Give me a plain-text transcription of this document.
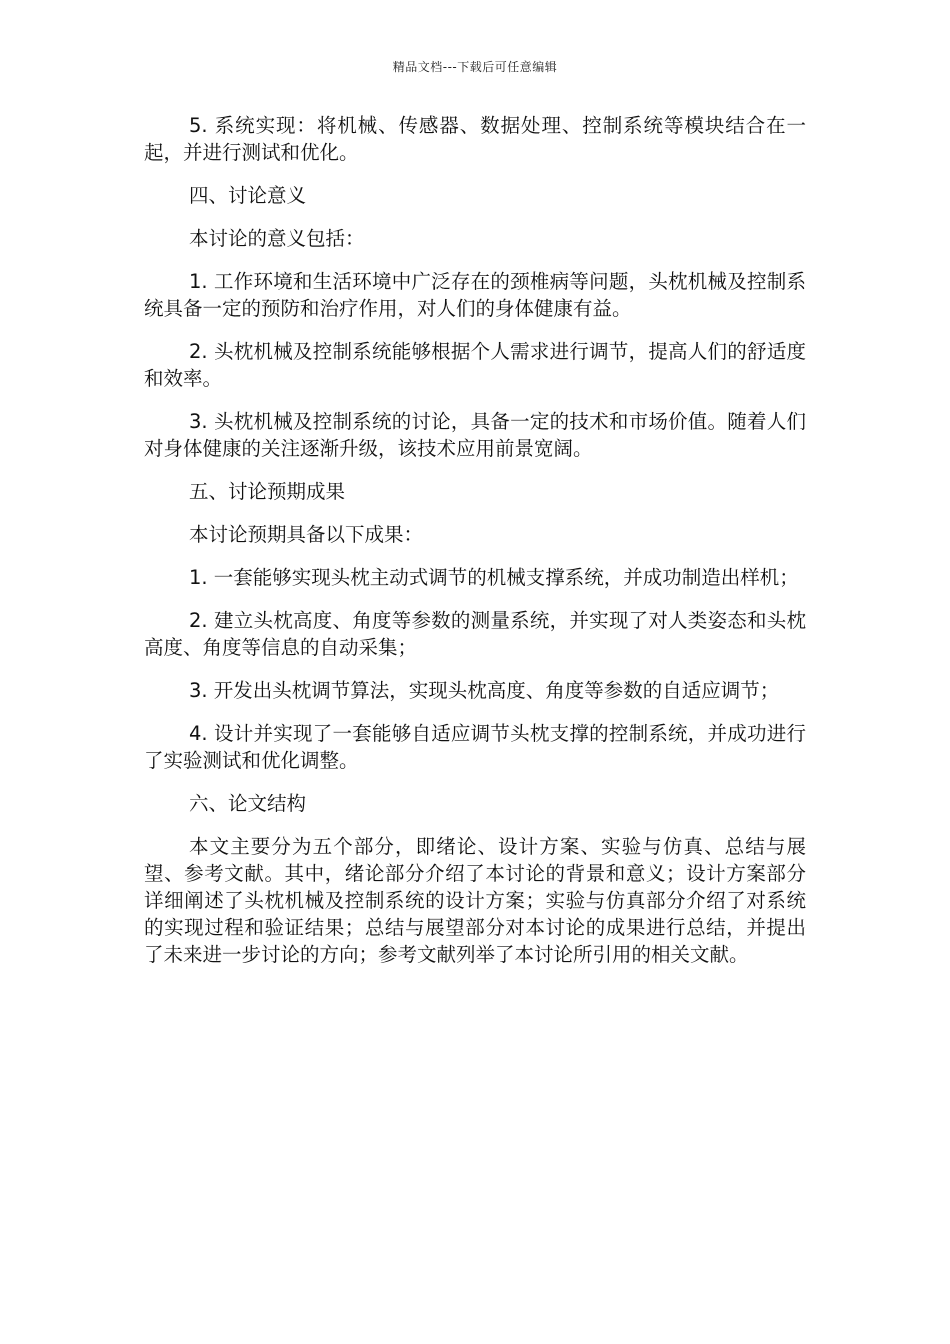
精品文档---下载后可任意编辑

5. 系统实现：将机械、传感器、数据处理、控制系统等模块结合在一起，并进行测试和优化。

四、讨论意义

本讨论的意义包括：

1. 工作环境和生活环境中广泛存在的颈椎病等问题，头枕机械及控制系统具备一定的预防和治疗作用，对人们的身体健康有益。

2. 头枕机械及控制系统能够根据个人需求进行调节，提高人们的舒适度和效率。

3. 头枕机械及控制系统的讨论，具备一定的技术和市场价值。随着人们对身体健康的关注逐渐升级，该技术应用前景宽阔。

五、讨论预期成果

本讨论预期具备以下成果：

1. 一套能够实现头枕主动式调节的机械支撑系统，并成功制造出样机；

2. 建立头枕高度、角度等参数的测量系统，并实现了对人类姿态和头枕高度、角度等信息的自动采集；

3. 开发出头枕调节算法，实现头枕高度、角度等参数的自适应调节；

4. 设计并实现了一套能够自适应调节头枕支撑的控制系统，并成功进行了实验测试和优化调整。

六、论文结构

本文主要分为五个部分，即绪论、设计方案、实验与仿真、总结与展望、参考文献。其中，绪论部分介绍了本讨论的背景和意义；设计方案部分详细阐述了头枕机械及控制系统的设计方案；实验与仿真部分介绍了对系统的实现过程和验证结果；总结与展望部分对本讨论的成果进行总结，并提出了未来进一步讨论的方向；参考文献列举了本讨论所引用的相关文献。
